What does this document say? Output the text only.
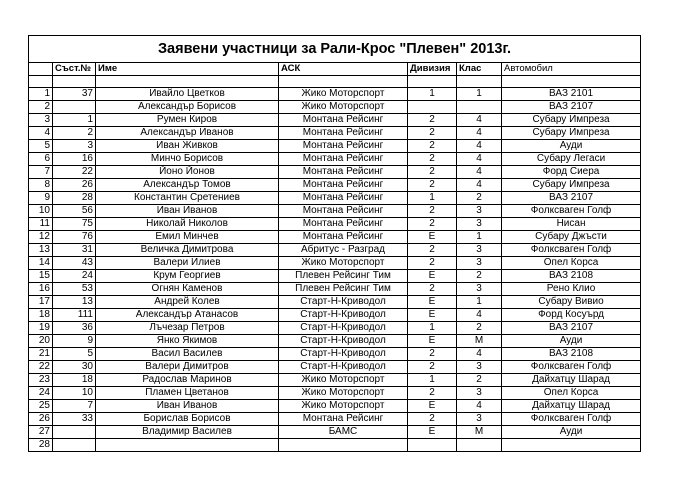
Заявени участници за Рали-Крос "Плевен" 2013г.						
	Съст.№	Име	АСК	Дивизия	Клас	Автомобил

1	37	Ивайло Цветков	Жико Моторспорт	1	1	ВАЗ 2101
2		Александър Борисов	Жико Моторспорт			ВАЗ 2107
3	1	Румен Киров	Монтана Рейсинг	2	4	Субару Импреза
4	2	Александър Иванов	Монтана Рейсинг	2	4	Субару Импреза
5	3	Иван Живков	Монтана Рейсинг	2	4	Ауди
6	16	Минчо Борисов	Монтана Рейсинг	2	4	Субару Легаси
7	22	Йоно Йонов	Монтана Рейсинг	2	4	Форд Сиера
8	26	Александър Томов	Монтана Рейсинг	2	4	Субару Импреза
9	28	Константин Сретениев	Монтана Рейсинг	1	2	ВАЗ 2107
10	56	Иван Иванов	Монтана Рейсинг	2	3	Фолксваген Голф
11	75	Николай Николов	Монтана Рейсинг	2	3	Нисан
12	76	Емил Минчев	Монтана Рейсинг	E	1	Субару Джъсти
13	31	Величка Димитрова	Абритус - Разград	2	3	Фолксваген Голф
14	43	Валери Илиев	Жико Моторспорт	2	3	Опел Корса
15	24	Крум Георгиев	Плевен Рейсинг Тим	E	2	ВАЗ 2108
16	53	Огнян Каменов	Плевен Рейсинг Тим	2	3	Рено Клио
17	13	Андрей Колев	Старт-Н-Криводол	E	1	Субару Вивио
18	111	Александър Атанасов	Старт-Н-Криводол	E	4	Форд Косуърд
19	36	Лъчезар Петров	Старт-Н-Криводол	1	2	ВАЗ 2107
20	9	Янко Якимов	Старт-Н-Криводол	E	M	Ауди
21	5	Васил Василев	Старт-Н-Криводол	2	4	ВАЗ 2108
22	30	Валери Димитров	Старт-Н-Криводол	2	3	Фолксваген Голф
23	18	Радослав Маринов	Жико Моторспорт	1	2	Дайхатцу Шарад
24	10	Пламен Цветанов	Жико Моторспорт	2	3	Опел Корса
25	7	Иван Иванов	Жико Моторспорт	E	4	Дайхатцу Шарад
26	33	Борислав Борисов	Монтана Рейсинг	2	3	Фолксваген Голф
27		Владимир Василев	БАМС	E	M	Ауди
28						
